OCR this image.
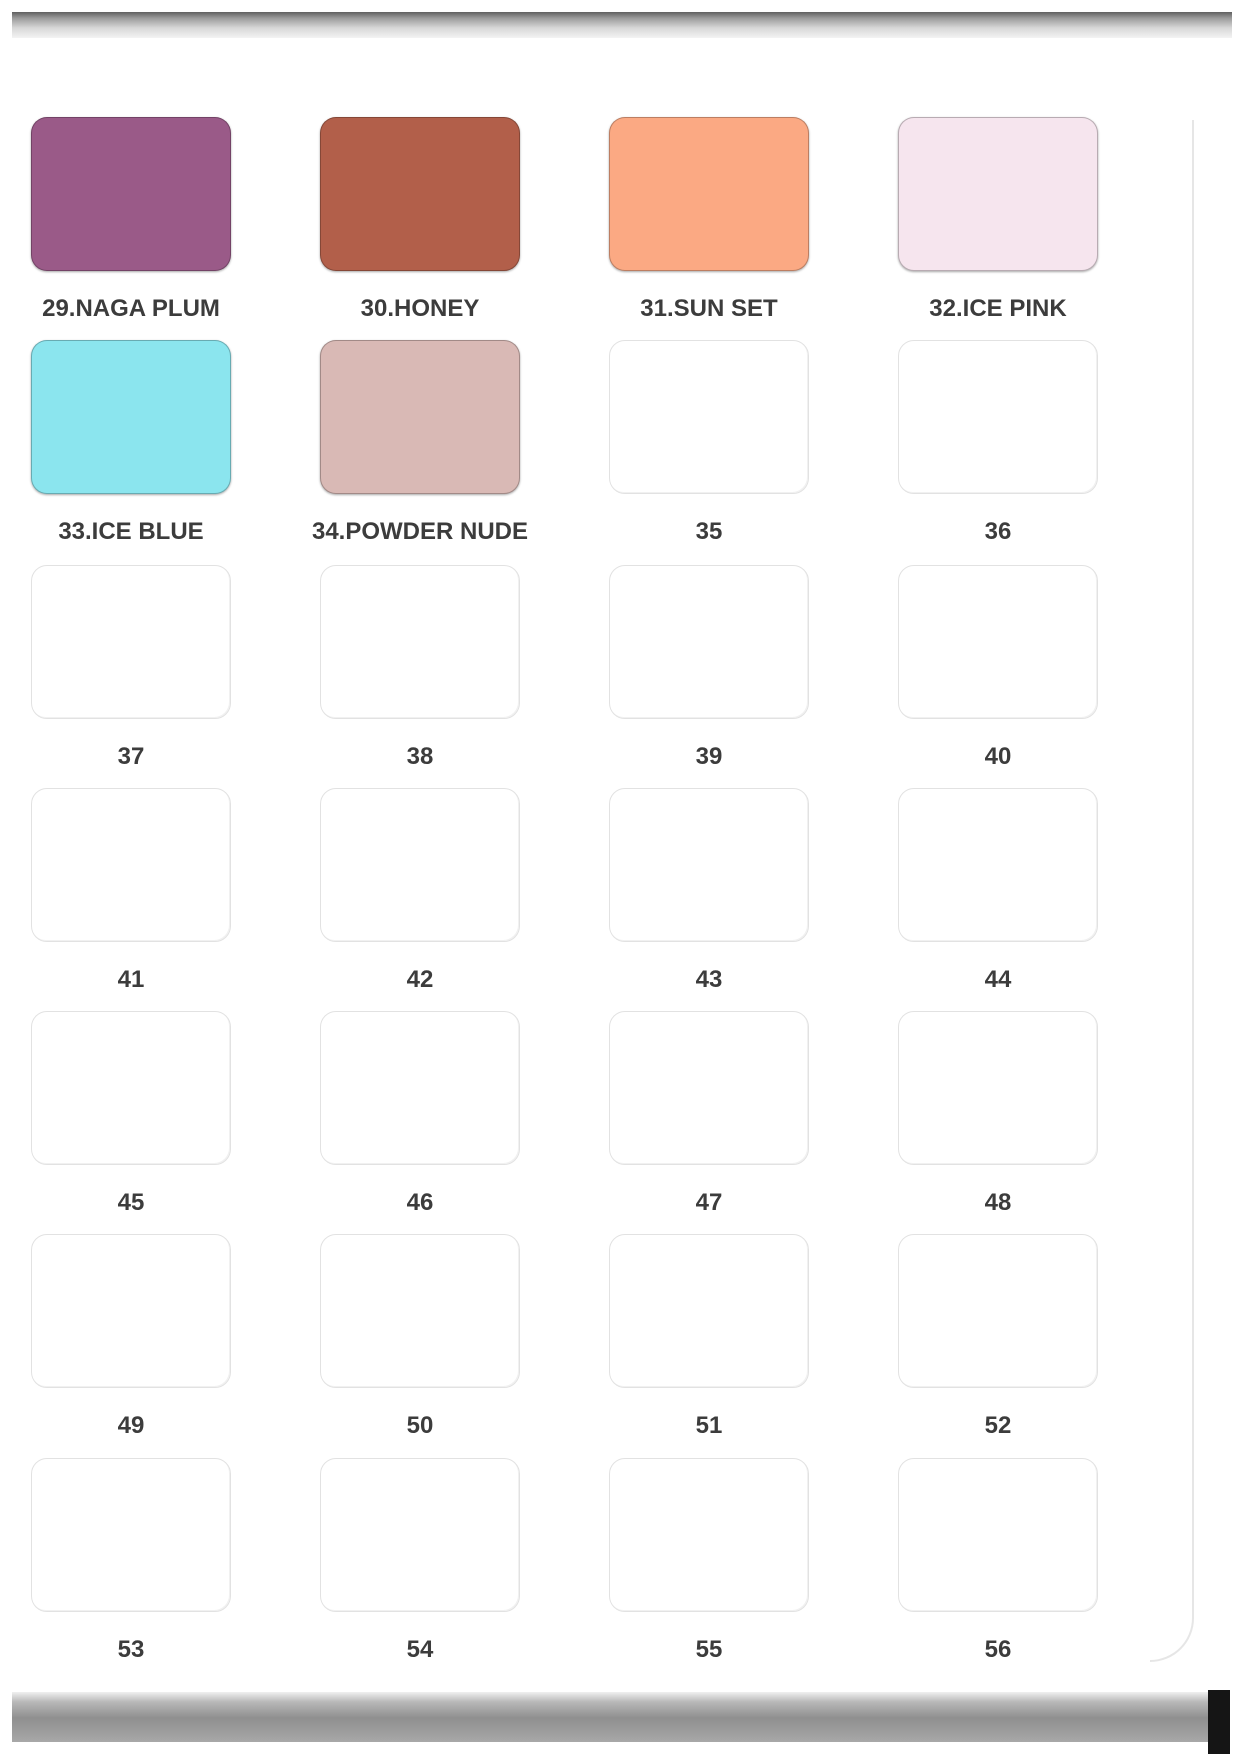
29.NAGA PLUM	30.HONEY	31.SUN SET	32.ICE PINK
33.ICE BLUE	34.POWDER NUDE	35	36
37	38	39	40
41	42	43	44
45	46	47	48
49	50	51	52
53	54	55	56
